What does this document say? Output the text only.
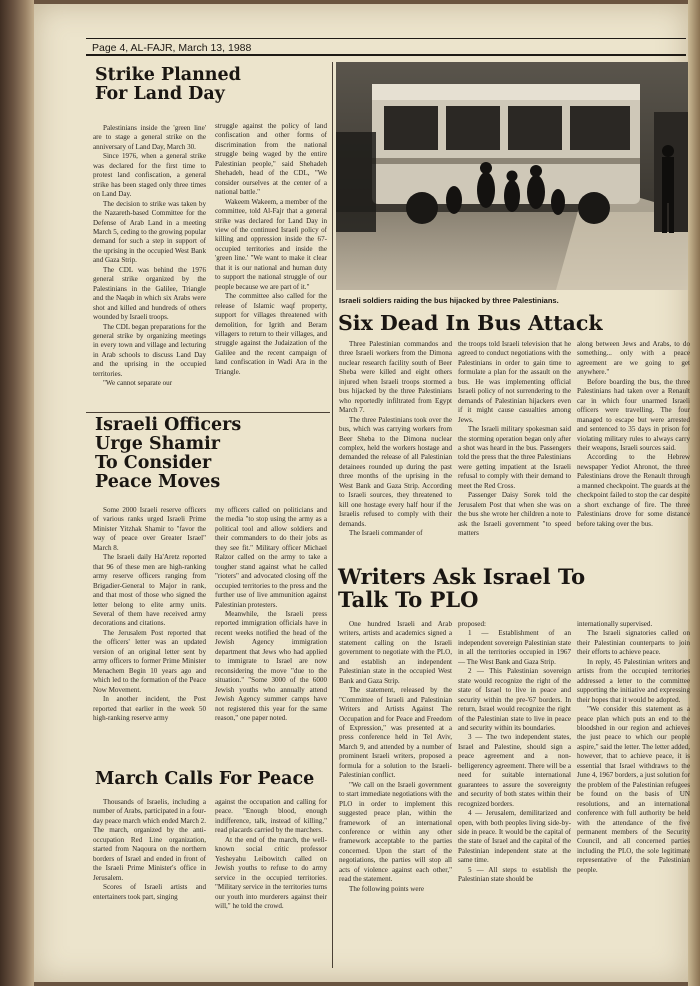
Page 4, AL-FAJR, March 13, 1988
Strike Planned For Land Day

Palestinians inside the 'green line' are to stage a general strike on the anniversary of Land Day, March 30.

Since 1976, when a general strike was declared for the first time to protest land confiscation, a general strike has been staged only three times on Land Day.

The decision to strike was taken by the Nazareth-based Committee for the Defense of Arab Land in a meeting March 5, ceding to the growing popular demand for such a step in support of the uprising in the occupied West Bank and Gaza Strip.

The CDL was behind the 1976 general strike organized by the Palestinians in the Galilee, Triangle and the Naqab in which six Arabs were shot and killed and hundreds of others wounded by Israeli troops.

The CDL began preparations for the general strike by organizing meetings in every town and village and lecturing in Arab schools to discuss Land Day and the uprising in the occupied territories.

"We cannot separate our

struggle against the policy of land confiscation and other forms of discrimination from the national struggle being waged by the entire Palestinian people," said Shehadeh Shehadeh, head of the CDL, "We consider ourselves at the center of a national battle."

Wakeem Wakeem, a member of the committee, told Al-Fajr that a general strike was declared for Land Day in view of the continued Israeli policy of killing and oppression inside the 67-occupied territories and inside the 'green line.' "We want to make it clear that it is our national and human duty to support the national struggle of our people because we are part of it."

The committee also called for the release of Islamic waqf property, support for villages threatened with demolition, for Igrith and Beram villagers to return to their villages, and struggle against the Judaization of the Galilee and the recent campaign of land confiscation in Wadi Ara in the Triangle.

Israeli Officers Urge Shamir To Consider Peace Moves

Some 2000 Israeli reserve officers of various ranks urged Israeli Prime Minister Yitzhak Shamir to "favor the way of peace over Greater Israel" March 8.

The Israeli daily Ha'Aretz reported that 96 of these men are high-ranking army reserve officers ranging from Brigadier-General to Major in rank, and that most of those who signed the letter belong to elite army units. Several of them have received army decorations and citations.

The Jerusalem Post reported that the officers' letter was an updated version of an original letter sent by army officers to former Prime Minister Menachem Begin 10 years ago and which led to the formation of the Peace Now Movement.

In another incident, the Post reported that earlier in the week 50 high-ranking reserve army

my officers called on politicians and the media "to stop using the army as a political tool and allow soldiers and their commanders to do their jobs as they see fit." Military officer Michael Ralzor called on the army to take a tougher stand against what he called "rioters" and advocated closing off the occupied territories to the press and the further use of live ammunition against Palestinian protesters.

Meanwhile, the Israeli press reported immigration officials have in recent weeks notified the head of the Jewish Agency immigration department that Jews who had applied to immigrate to Israel are now reconsidering the move "due to the situation." "Some 3000 of the 6000 Jewish youths who annually attend Jewish Agency summer camps have not registered this year for the same reason," one paper noted.

March Calls For Peace

Thousands of Israelis, including a number of Arabs, participated in a four-day peace march which ended March 2. The march, organized by the anti-occupation Red Line organization, started from Naqoura on the northern borders of Israel and ended in front of the Israeli Prime Minister's office in Jerusalem.

Scores of Israeli artists and entertainers took part, singing

against the occupation and calling for peace. "Enough blood, enough indifference, talk, instead of killing," read placards carried by the marchers.

At the end of the march, the well-known social critic professor Yesheyahu Leibowitch called on Jewish youths to refuse to do army service in the occupied territories. "Military service in the territories turns our youth into murderers against their will," he told the crowd.

Israeli soldiers raiding the bus hijacked by three Palestinians.
Six Dead In Bus Attack

Three Palestinian commandos and three Israeli workers from the Dimona nuclear research facility south of Beer Sheba were killed and eight others injured when Israeli troops stormed a bus hijacked by the three Palestinians who reportedly infiltrated from Egypt March 7.

The three Palestinians took over the bus, which was carrying workers from Beer Sheba to the Dimona nuclear complex, held the workers hostage and demanded the release of all Palestinian detainees rounded up during the past three months of the uprising in the West Bank and Gaza Strip. According to Israeli sources, they threatened to kill one hostage every half hour if the Israelis refused to comply with their demands.

The Israeli commander of

the troops told Israeli television that he agreed to conduct negotiations with the Palestinians in order to gain time to formulate a plan for the assault on the bus. He was implementing official Israeli policy of not surrendering to the demands of Palestinian hijackers even if it might cause casualties among Jews.

The Israeli military spokesman said the storming operation began only after a shot was heard in the bus. Passengers told the press that the three Palestinians were getting impatient at the Israeli refusal to comply with their demand to meet the Red Cross.

Passenger Daisy Sorek told the Jerusalem Post that when she was on the bus she wrote her children a note to ask the Israeli government "to speed matters

along between Jews and Arabs, to do something... only with a peace agreement are we going to get anywhere."

Before boarding the bus, the three Palestinians had taken over a Renault car in which four unarmed Israeli officers were travelling. The four managed to escape but were arrested and sentenced to 35 days in prison for violating military rules to always carry their weapons, Israeli sources said.

According to the Hebrew newspaper Yediot Ahronot, the three Palestinians drove the Renault through a manned checkpoint. The guards at the checkpoint failed to stop the car despite a short exchange of fire. The three Palestinians drove for some distance before taking over the bus.

Writers Ask Israel To Talk To PLO

One hundred Israeli and Arab writers, artists and academics signed a statement calling on the Israeli government to negotiate with the PLO, and establish an independent Palestinian state in the occupied West Bank and Gaza Strip.

The statement, released by the "Committee of Israeli and Palestinian Writers and Artists Against The Occupation and for Peace and Freedom of Expression," was presented at a press conference held in Tel Aviv, March 9, and attended by a number of prominent Israeli writers, proposed a formula for a solution to the Israeli-Palestinian conflict.

"We call on the Israeli government to start immediate negotiations with the PLO in order to implement this suggested peace plan, within the framework of an international conference or within any other framework acceptable to the parties concerned. Upon the start of the negotiations, the parties will stop all acts of violence against each other," read the statement.

The following points were

proposed:

1 — Establishment of an independent sovereign Palestinian state in all the territories occupied in 1967 — The West Bank and Gaza Strip.

2 — This Palestinian sovereign state would recognize the right of the state of Israel to live in peace and security within the pre-'67 borders. In return, Israel would recognize the right of the Palestinian state to live in peace and security within its boundaries.

3 — The two independent states, Israel and Palestine, should sign a peace agreement and a non-belligerency agreement. There will be a need for suitable international guarantees to assure the sovereignty and security of both states within their recognized borders.

4 — Jerusalem, demilitarized and open, with both peoples living side-by-side in peace. It would be the capital of the state of Israel and the capital of the Palestinian independent state at the same time.

5 — All steps to establish the Palestinian state should be

internationally supervised.

The Israeli signatories called on their Palestinian counterparts to join their efforts to achieve peace.

In reply, 45 Palestinian writers and artists from the occupied territories addressed a letter to the committee supporting the initiative and expressing their hopes that it would be adopted.

"We consider this statement as a peace plan which puts an end to the bloodshed in our region and achieves the just peace to which our people aspire," said the letter. The letter added, however, that to achieve peace, it is essential that Israel withdraws to the June 4, 1967 borders, a just solution for the problem of the Palestinian refugees be found on the basis of UN resolutions, and an international conference with full authority be held with the attendance of the five permanent members of the Security Council, and all concerned parties including the PLO, the sole legitimate representative of the Palestinian people.
